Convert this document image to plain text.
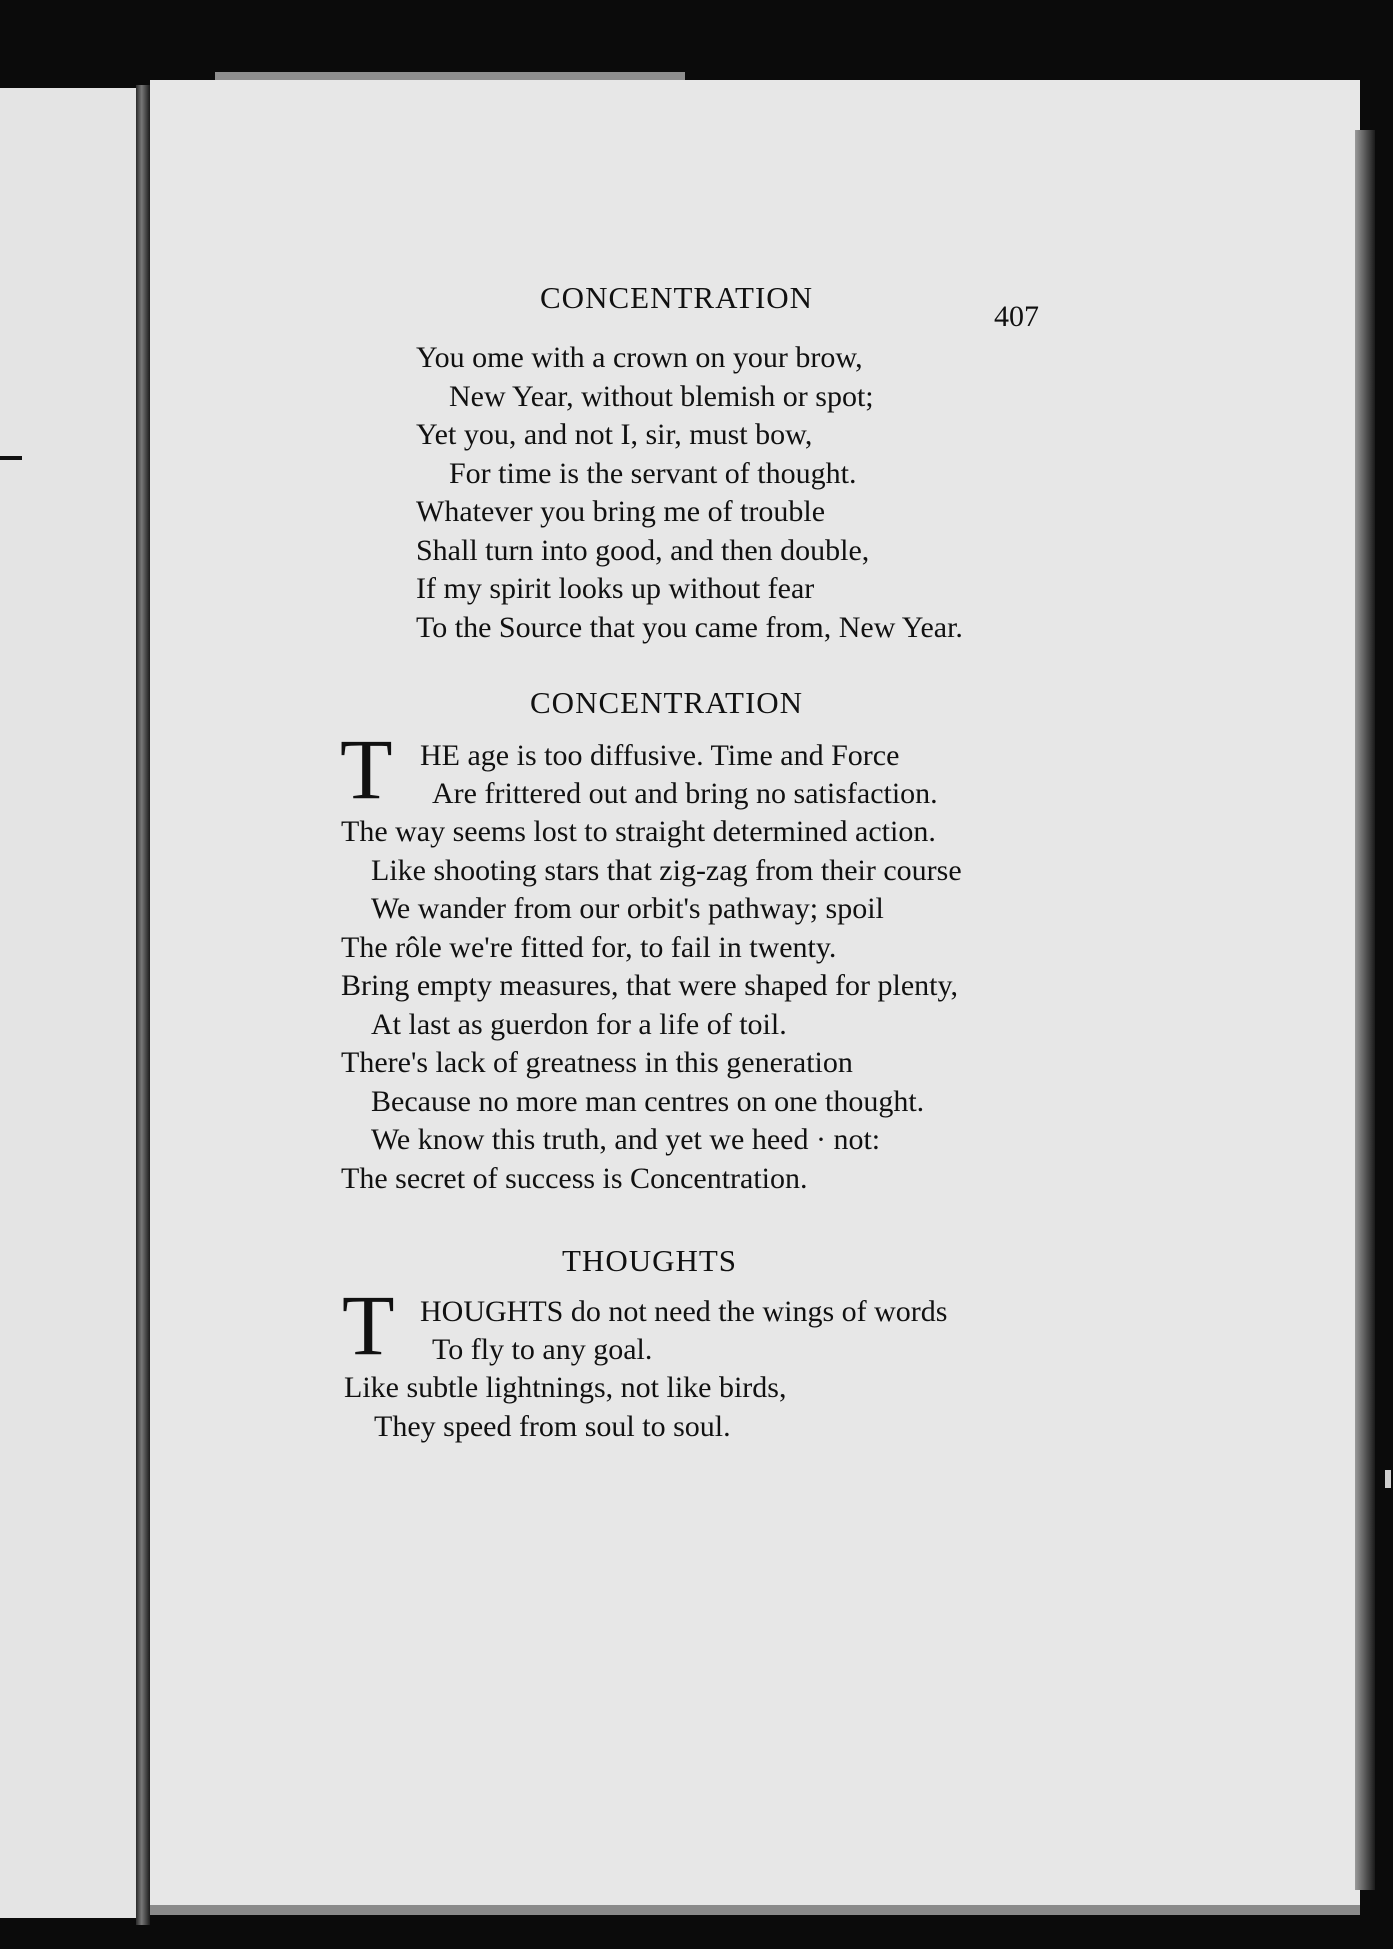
CONCENTRATION
407
You ome with a crown on your brow,
New Year, without blemish or spot;
Yet you, and not I, sir, must bow,
For time is the servant of thought.
Whatever you bring me of trouble
Shall turn into good, and then double,
If my spirit looks up without fear
To the Source that you came from, New Year.
CONCENTRATION
T HE age is too diffusive. Time and Force
Are frittered out and bring no satisfaction.
The way seems lost to straight determined action.
Like shooting stars that zig-zag from their course
We wander from our orbit's pathway; spoil
The rôle we're fitted for, to fail in twenty.
Bring empty measures, that were shaped for plenty,
At last as guerdon for a life of toil.
There's lack of greatness in this generation
Because no more man centres on one thought.
We know this truth, and yet we heed · not:
The secret of success is Concentration.
THOUGHTS
T HOUGHTS do not need the wings of words
To fly to any goal.
Like subtle lightnings, not like birds,
They speed from soul to soul.
